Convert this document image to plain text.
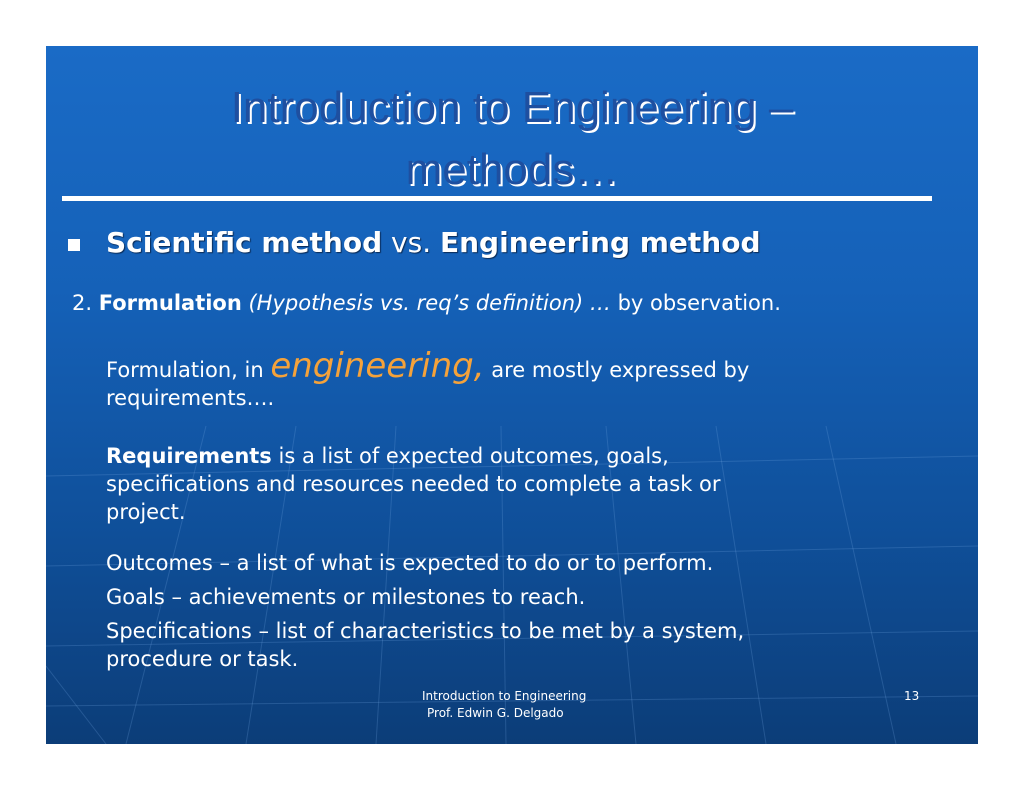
Introduction to Engineering –
methods…
Scientific method vs. Engineering method
2. Formulation (Hypothesis vs. req’s definition) … by observation.
Formulation, in engineering, are mostly expressed by
requirements….
Requirements is a list of expected outcomes, goals,
specifications and resources needed to complete a task or
project.
Outcomes – a list of what is expected to do or to perform.
Goals – achievements or milestones to reach.
Specifications – list of characteristics to be met by a system,
procedure or task.
Introduction to Engineering
Prof. Edwin G. Delgado
13
